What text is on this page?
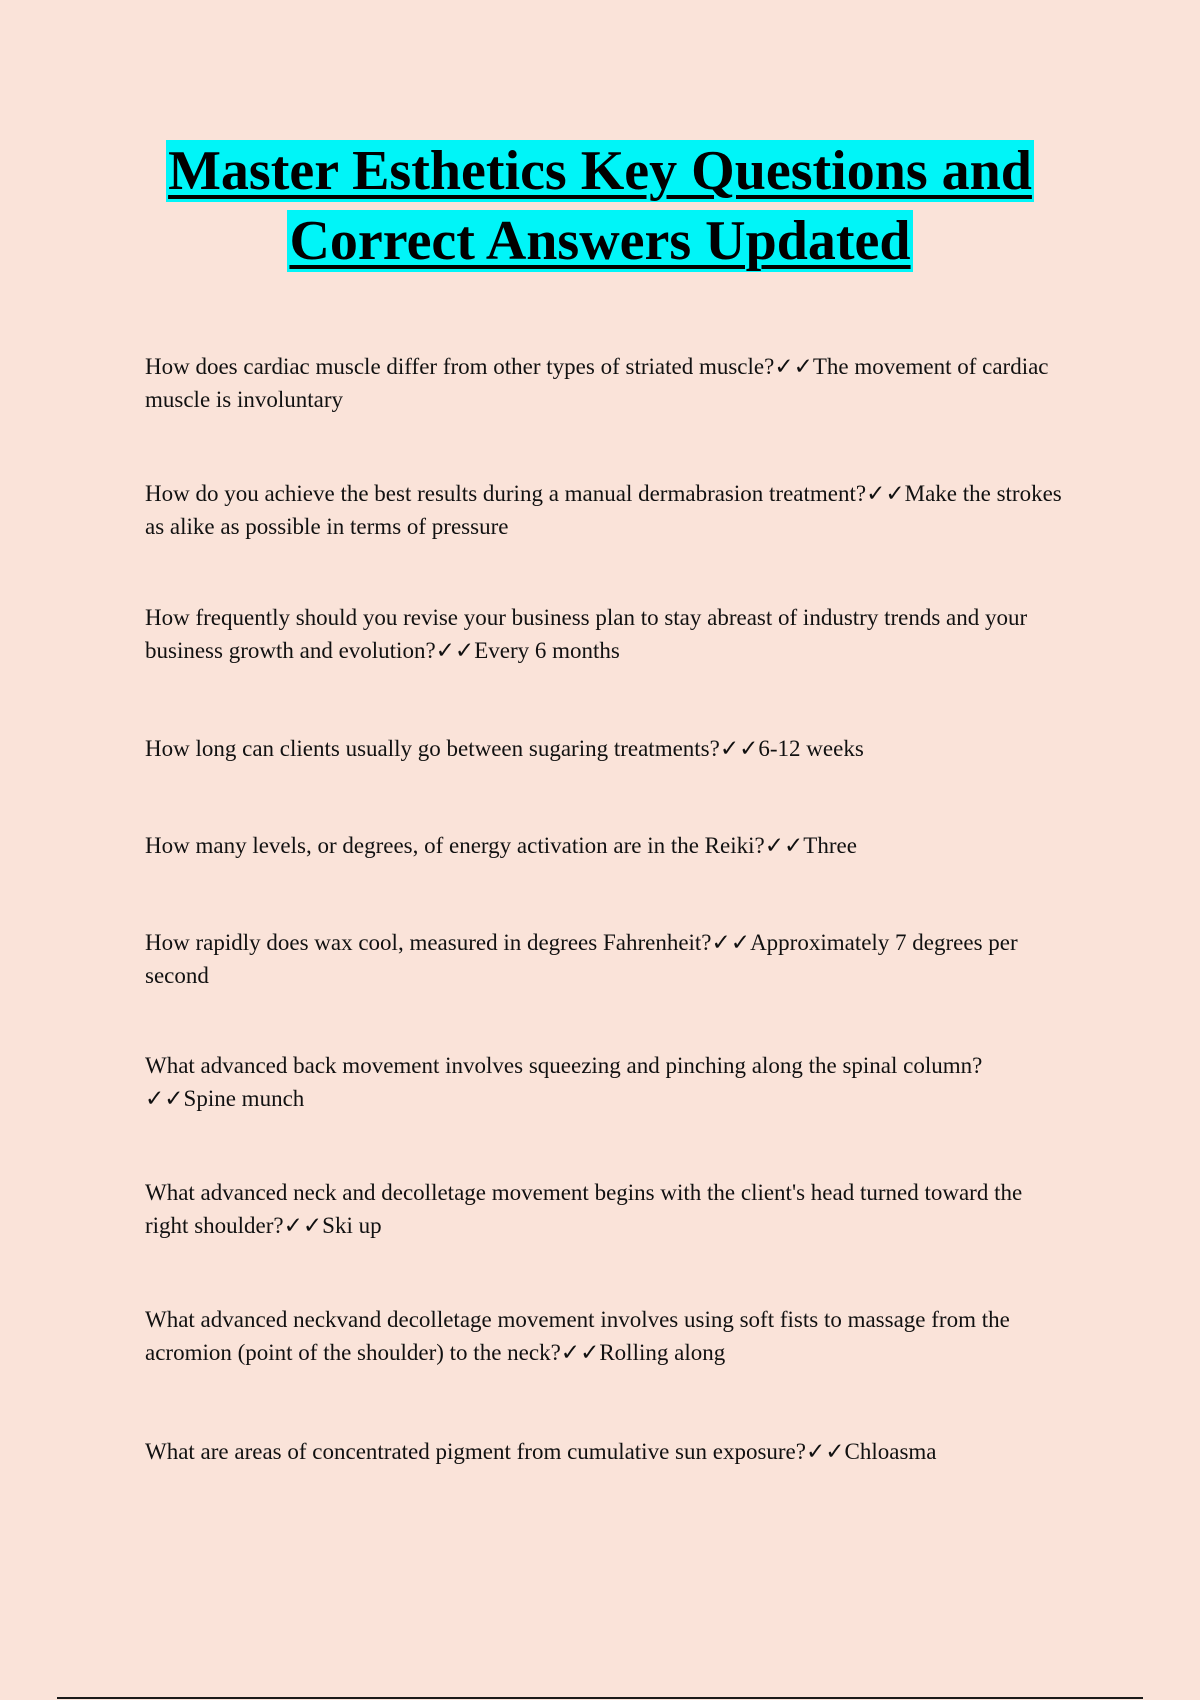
Master Esthetics Key Questions and
Correct Answers Updated
How does cardiac muscle differ from other types of striated muscle?✓✓The movement of cardiac muscle is involuntary
How do you achieve the best results during a manual dermabrasion treatment?✓✓Make the strokes as alike as possible in terms of pressure
How frequently should you revise your business plan to stay abreast of industry trends and your business growth and evolution?✓✓Every 6 months
How long can clients usually go between sugaring treatments?✓✓6-12 weeks
How many levels, or degrees, of energy activation are in the Reiki?✓✓Three
How rapidly does wax cool, measured in degrees Fahrenheit?✓✓Approximately 7 degrees per second
What advanced back movement involves squeezing and pinching along the spinal column?✓✓Spine munch
What advanced neck and decolletage movement begins with the client's head turned toward the right shoulder?✓✓Ski up
What advanced neckvand decolletage movement involves using soft fists to massage from the acromion (point of the shoulder) to the neck?✓✓Rolling along
What are areas of concentrated pigment from cumulative sun exposure?✓✓Chloasma
